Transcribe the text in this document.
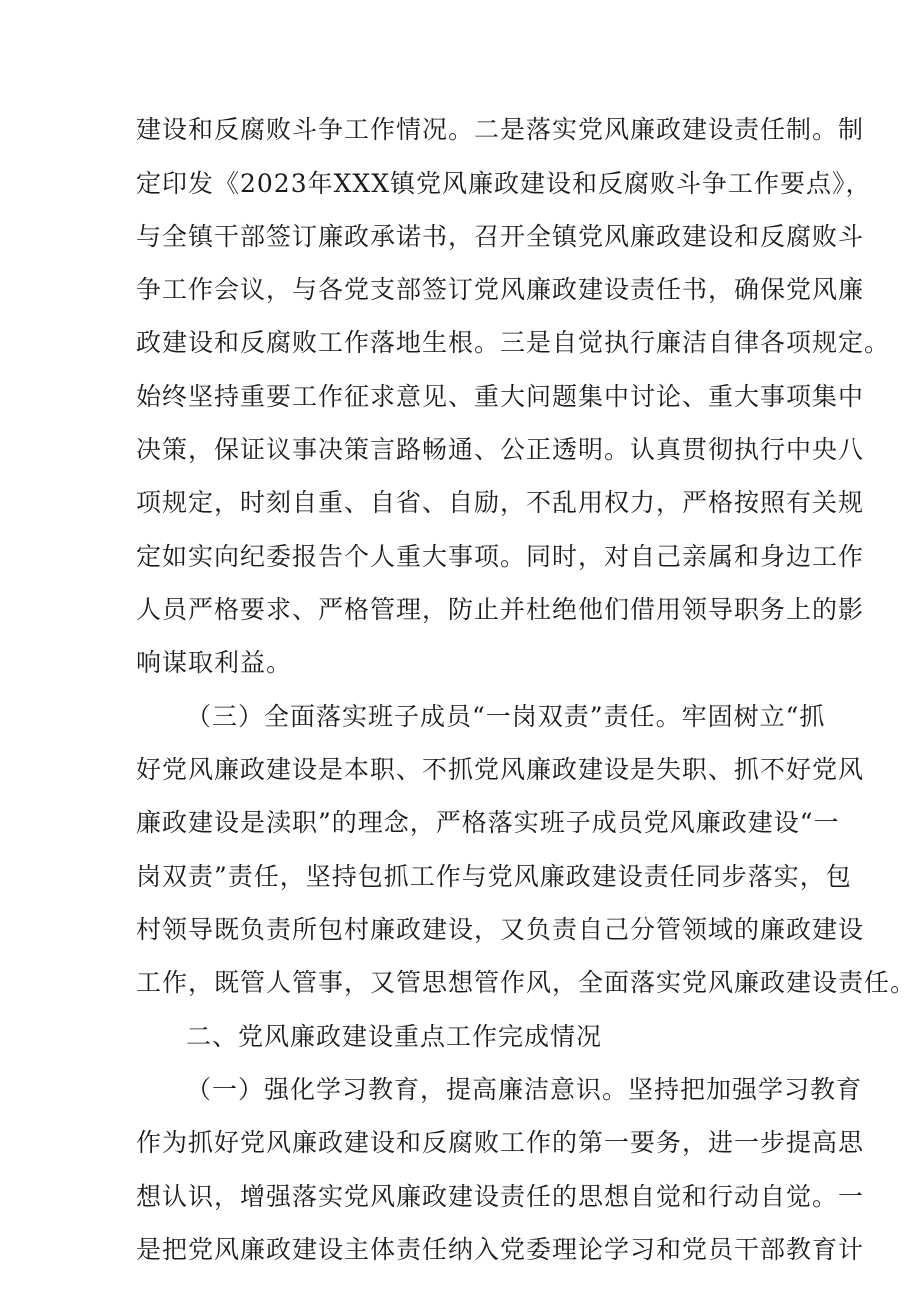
建设和反腐败斗争工作情况。二是落实党风廉政建设责任制。制
定印发《2023年XXX镇党风廉政建设和反腐败斗争工作要点》，
与全镇干部签订廉政承诺书，召开全镇党风廉政建设和反腐败斗
争工作会议，与各党支部签订党风廉政建设责任书，确保党风廉
政建设和反腐败工作落地生根。三是自觉执行廉洁自律各项规定。
始终坚持重要工作征求意见、重大问题集中讨论、重大事项集中
决策，保证议事决策言路畅通、公正透明。认真贯彻执行中央八
项规定，时刻自重、自省、自励，不乱用权力，严格按照有关规
定如实向纪委报告个人重大事项。同时，对自己亲属和身边工作
人员严格要求、严格管理，防止并杜绝他们借用领导职务上的影
响谋取利益。
（三）全面落实班子成员“一岗双责”责任。牢固树立“抓
好党风廉政建设是本职、不抓党风廉政建设是失职、抓不好党风
廉政建设是渎职”的理念，严格落实班子成员党风廉政建设“一
岗双责”责任，坚持包抓工作与党风廉政建设责任同步落实，包
村领导既负责所包村廉政建设，又负责自己分管领域的廉政建设
工作，既管人管事，又管思想管作风，全面落实党风廉政建设责任。
二、党风廉政建设重点工作完成情况
（一）强化学习教育，提高廉洁意识。坚持把加强学习教育
作为抓好党风廉政建设和反腐败工作的第一要务，进一步提高思
想认识，增强落实党风廉政建设责任的思想自觉和行动自觉。一
是把党风廉政建设主体责任纳入党委理论学习和党员干部教育计
